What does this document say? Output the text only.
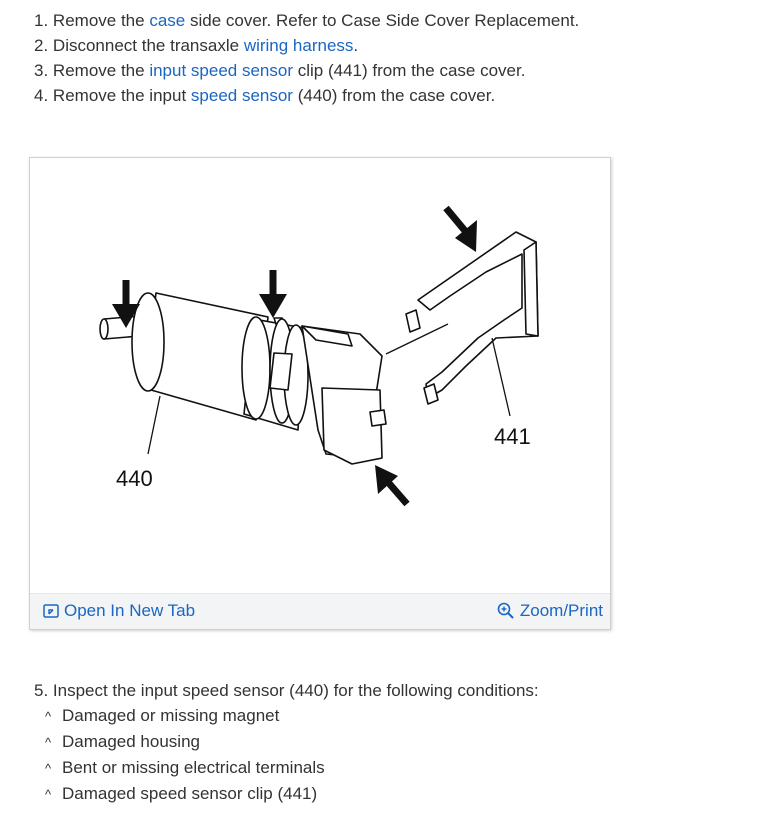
1. Remove the case side cover. Refer to Case Side Cover Replacement.
2. Disconnect the transaxle wiring harness.
3. Remove the input speed sensor clip (441) from the case cover.
4. Remove the input speed sensor (440) from the case cover.
440
441
Open In New Tab	Zoom/Print
5. Inspect the input speed sensor (440) for the following conditions:
^ Damaged or missing magnet
^ Damaged housing
^ Bent or missing electrical terminals
^ Damaged speed sensor clip (441)
